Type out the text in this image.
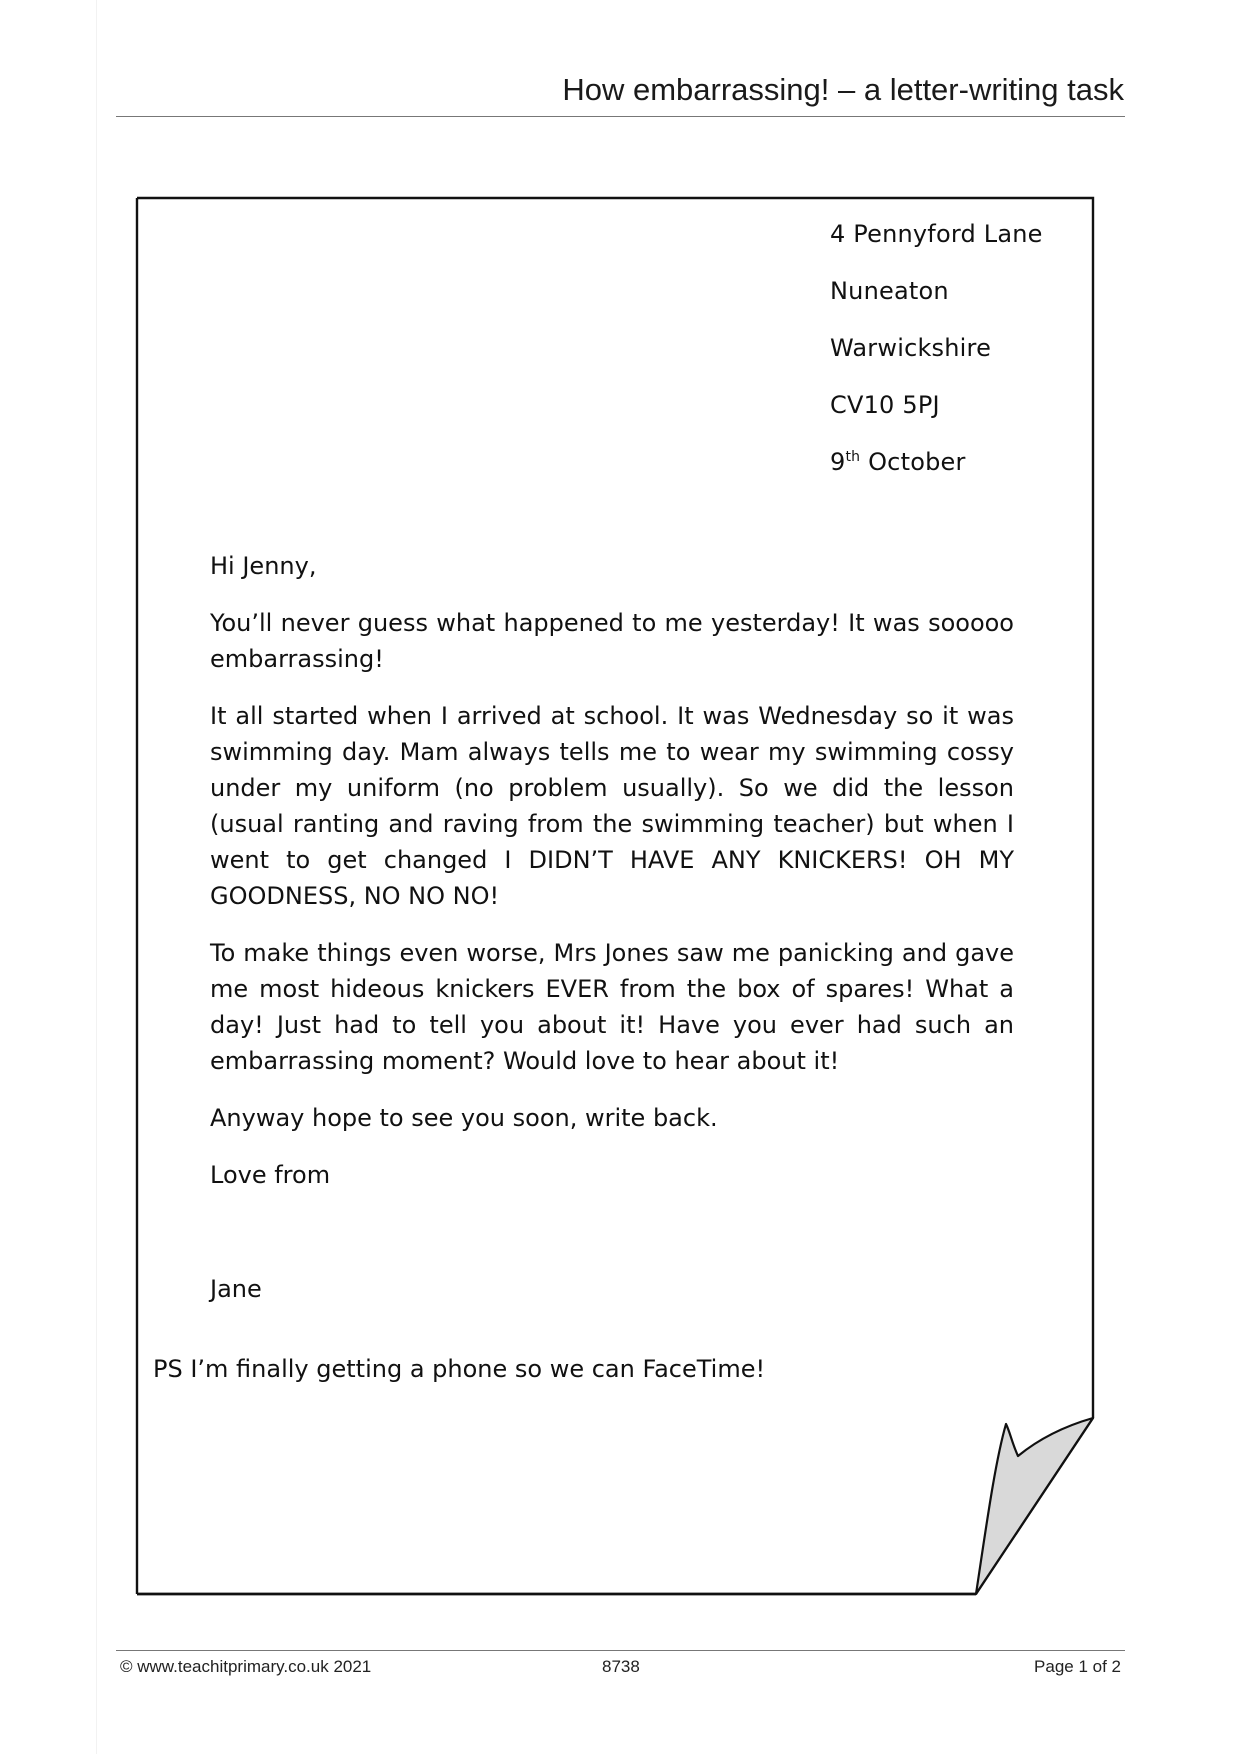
How embarrassing! – a letter-writing task
4 Pennyford Lane
Nuneaton
Warwickshire
CV10 5PJ
9th October

Hi Jenny,

You’ll never guess what happened to me yesterday! It was sooooo embarrassing!

It all started when I arrived at school. It was Wednesday so it was swimming day. Mam always tells me to wear my swimming cossy under my uniform (no problem usually). So we did the lesson (usual ranting and raving from the swimming teacher) but when I went to get changed I DIDN’T HAVE ANY KNICKERS! OH MY GOODNESS, NO NO NO!

To make things even worse, Mrs Jones saw me panicking and gave me most hideous knickers EVER from the box of spares! What a day! Just had to tell you about it! Have you ever had such an embarrassing moment? Would love to hear about it!

Anyway hope to see you soon, write back.

Love from

Jane

PS I’m finally getting a phone so we can FaceTime!
© www.teachitprimary.co.uk 2021	8738	Page 1 of 2
